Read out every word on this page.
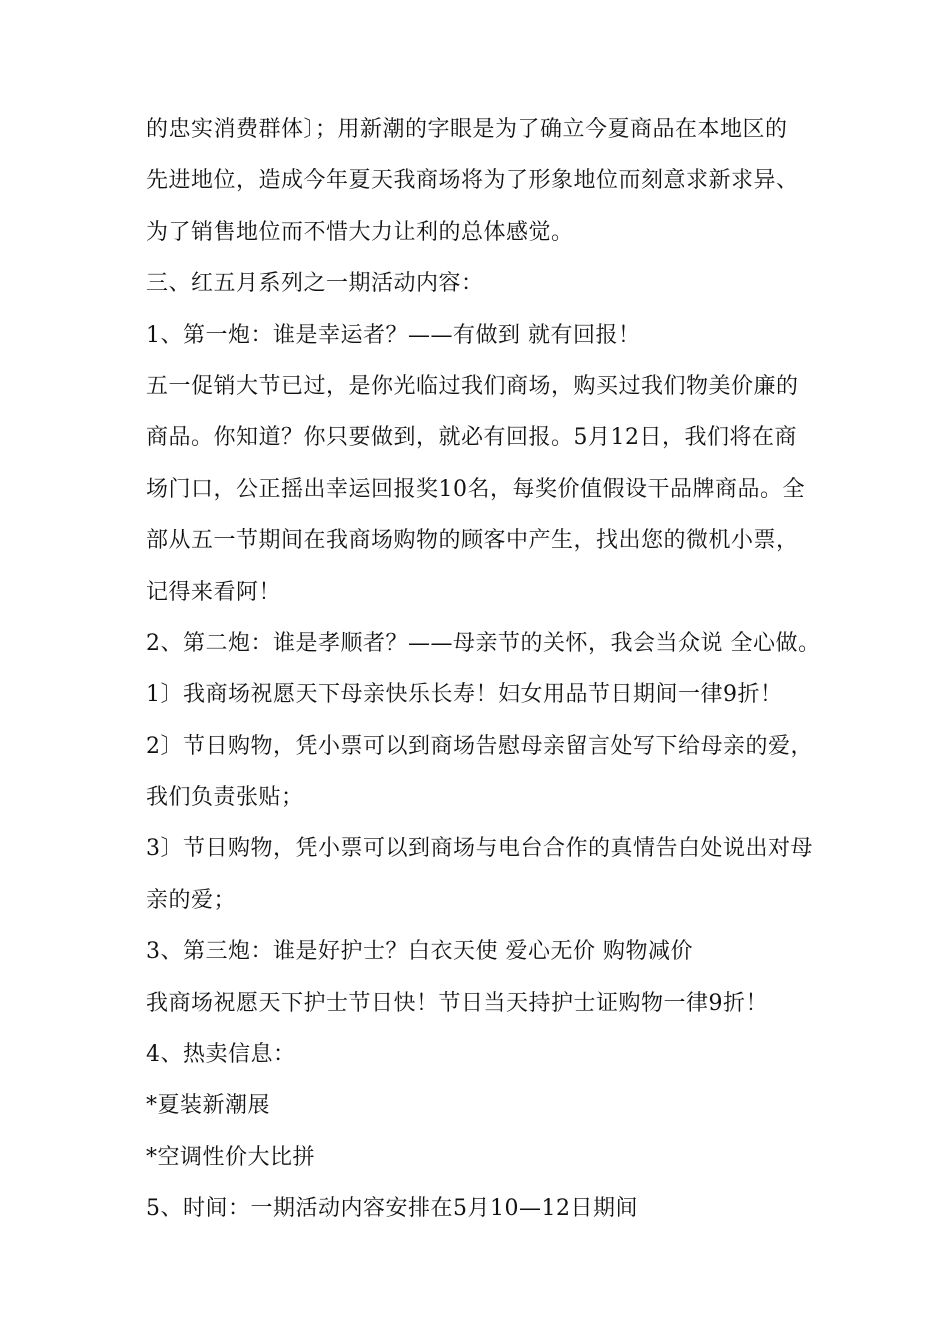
的忠实消费群体〕；用新潮的字眼是为了确立今夏商品在本地区的
先进地位，造成今年夏天我商场将为了形象地位而刻意求新求异、
为了销售地位而不惜大力让利的总体感觉。
三、红五月系列之一期活动内容：
1、第一炮：谁是幸运者？——有做到 就有回报！
五一促销大节已过，是你光临过我们商场，购买过我们物美价廉的
商品。你知道？你只要做到，就必有回报。5月12日，我们将在商
场门口，公正摇出幸运回报奖10名，每奖价值假设干品牌商品。全
部从五一节期间在我商场购物的顾客中产生，找出您的微机小票，
记得来看阿！
2、第二炮：谁是孝顺者？——母亲节的关怀，我会当众说 全心做。
1〕我商场祝愿天下母亲快乐长寿！妇女用品节日期间一律9折！
2〕节日购物，凭小票可以到商场告慰母亲留言处写下给母亲的爱，
我们负责张贴；
3〕节日购物，凭小票可以到商场与电台合作的真情告白处说出对母
亲的爱；
3、第三炮：谁是好护士？白衣天使 爱心无价 购物减价
我商场祝愿天下护士节日快！节日当天持护士证购物一律9折！
4、热卖信息：
*夏装新潮展
*空调性价大比拼
5、时间：一期活动内容安排在5月10—12日期间
